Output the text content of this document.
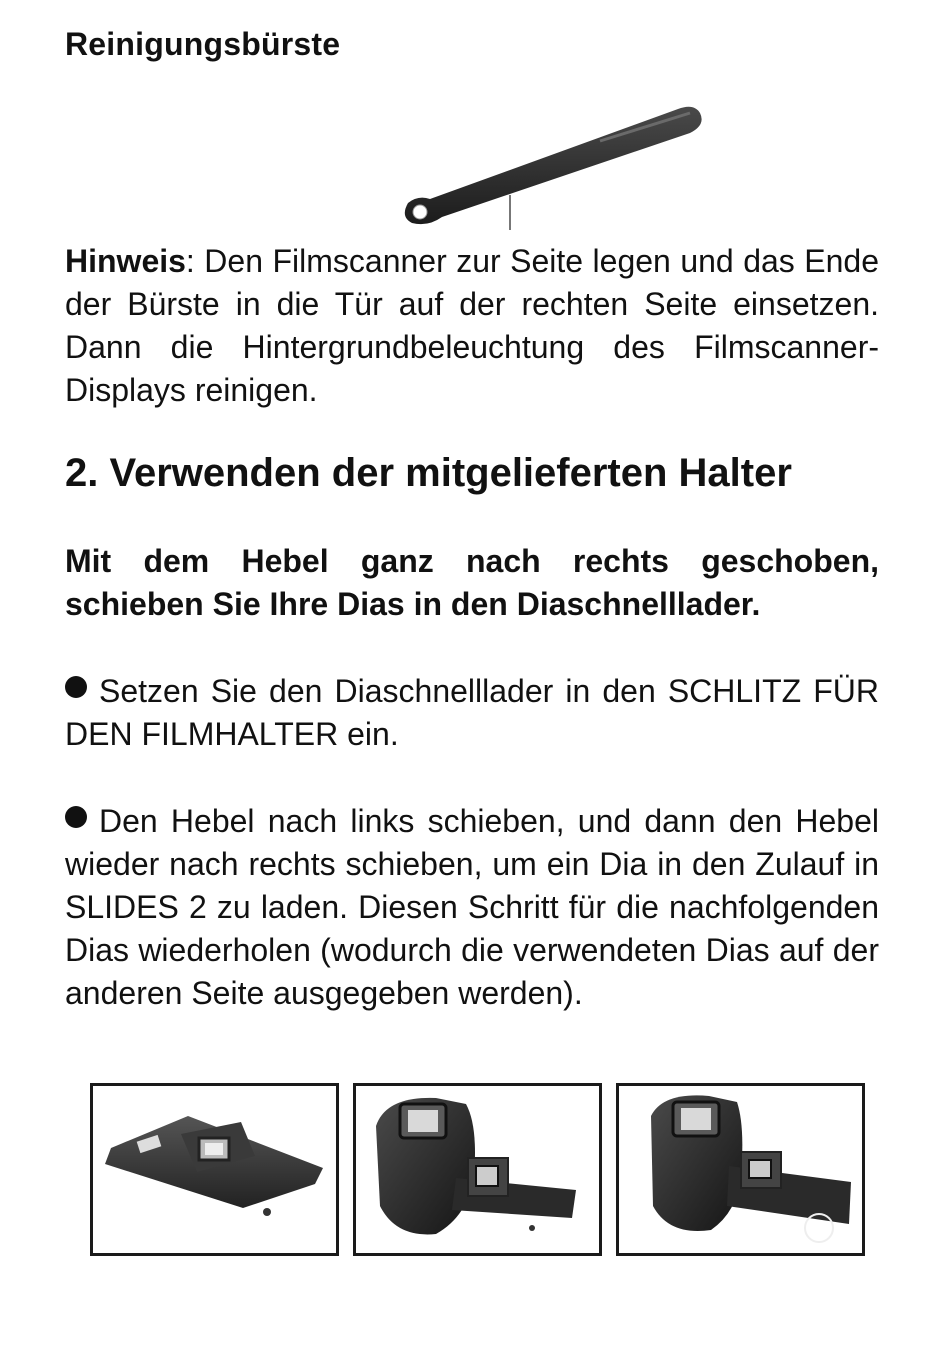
Reinigungsbürste
Hinweis: Den Filmscanner zur Seite legen und das Ende der Bürste in die Tür auf der rechten Seite einsetzen. Dann die Hintergrundbeleuchtung des Filmscanner-Displays reinigen.
2. Verwenden der mitgelieferten Halter
Mit dem Hebel ganz nach rechts geschoben, schieben Sie Ihre Dias in den Diaschnelllader.
Setzen Sie den Diaschnelllader in den SCHLITZ FÜR DEN FILMHALTER ein.
Den Hebel nach links schieben, und dann den Hebel wieder nach rechts schieben, um ein Dia in den Zulauf in SLIDES 2 zu laden. Diesen Schritt für die nachfolgenden Dias wiederholen (wodurch die verwendeten Dias auf der anderen Seite ausgegeben werden).
